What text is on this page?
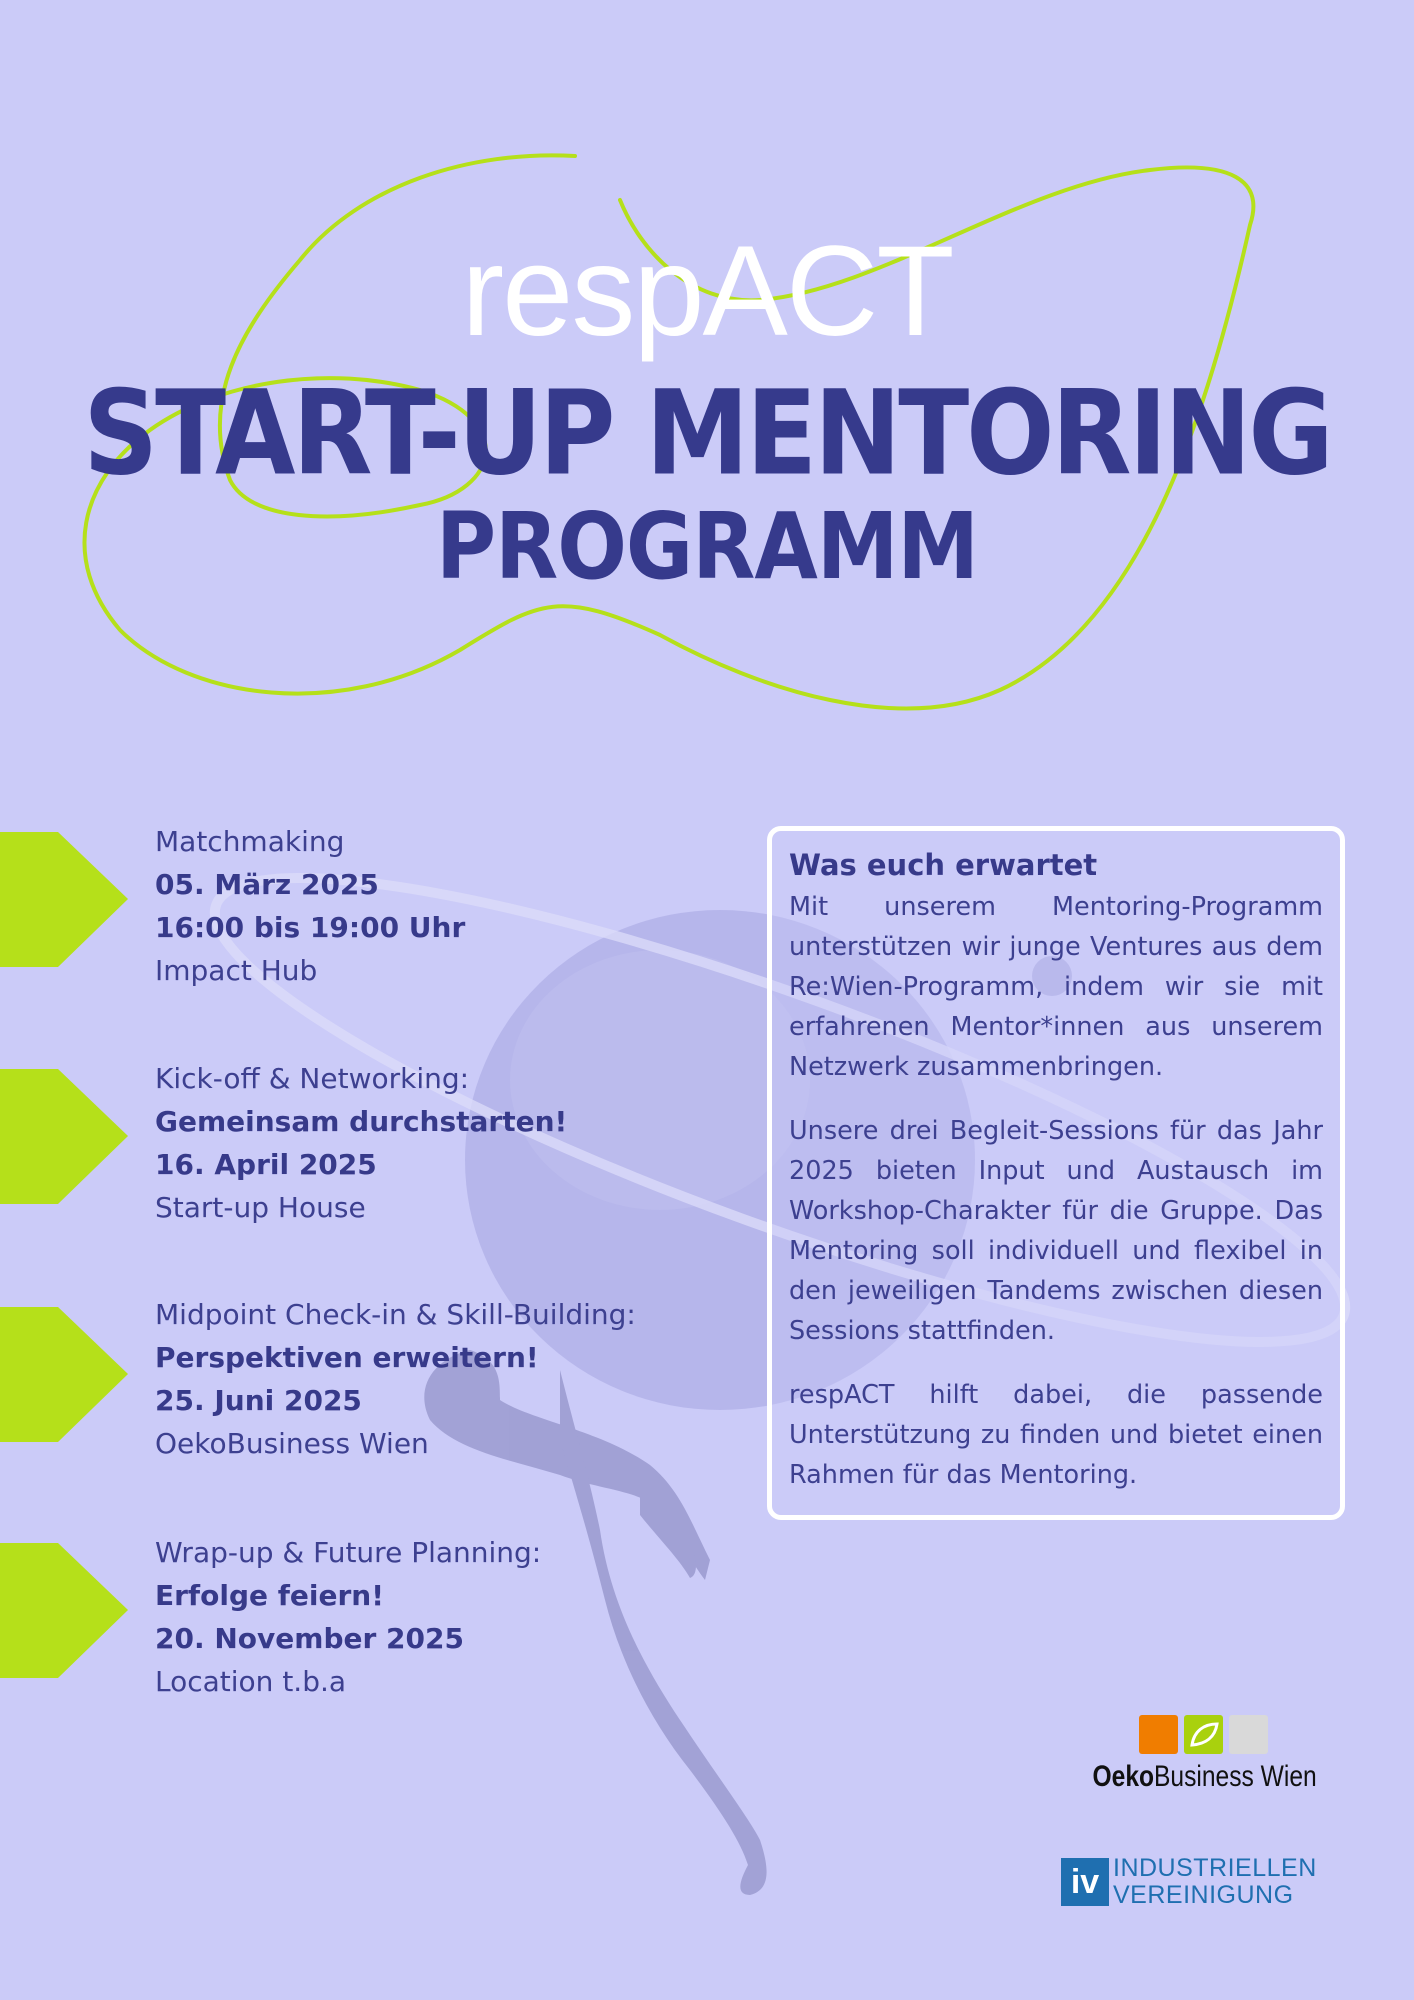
respACT
START-UP MENTORING
PROGRAMM
Matchmaking
05. März 2025
16:00 bis 19:00 Uhr
Impact Hub
Kick-off & Networking:
Gemeinsam durchstarten!
16. April 2025
Start-up House
Midpoint Check-in & Skill-Building:
Perspektiven erweitern!
25. Juni 2025
OekoBusiness Wien
Wrap-up & Future Planning:
Erfolge feiern!
20. November 2025
Location t.b.a
Was euch erwartet

Mit unserem Mentoring-Programm unterstützen wir junge Ventures aus dem Re:Wien-Programm, indem wir sie mit erfahrenen Mentor*innen aus unserem Netzwerk zusammenbringen.

Unsere drei Begleit-Sessions für das Jahr 2025 bieten Input und Austausch im Workshop-Charakter für die Gruppe. Das Mentoring soll individuell und flexibel in den jeweiligen Tandems zwischen diesen Sessions stattfinden.

respACT hilft dabei, die passende Unterstützung zu finden und bietet einen Rahmen für das Mentoring.

OekoBusiness Wien
iv INDUSTRIELLEN
VEREINIGUNG
